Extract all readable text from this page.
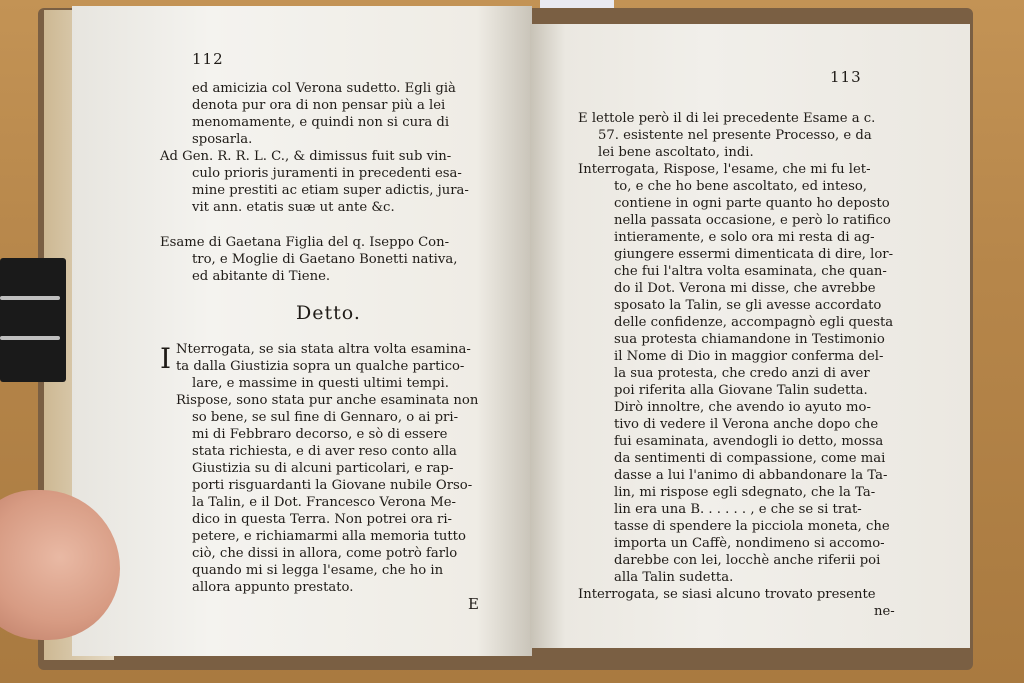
112
ed amicizia col Verona sudetto. Egli già
denota pur ora di non pensar più a lei
menomamente, e quindi non si cura di
sposarla.
Ad Gen. R. R. L. C., & dimissus fuit sub vin-
culo prioris juramenti in precedenti esa-
mine prestiti ac etiam super adictis, jura-
vit ann. etatis suæ ut ante &c.
Esame di Gaetana Figlia del q. Iseppo Con-
tro, e Moglie di Gaetano Bonetti nativa,
ed abitante di Tiene.
Detto.
I Nterrogata, se sia stata altra volta esamina-
ta dalla Giustizia sopra un qualche partico-
lare, e massime in questi ultimi tempi.
Rispose, sono stata pur anche esaminata non
so bene, se sul fine di Gennaro, o ai pri-
mi di Febbraro decorso, e sò di essere
stata richiesta, e di aver reso conto alla
Giustizia su di alcuni particolari, e rap-
porti risguardanti la Giovane nubile Orso-
la Talin, e il Dot. Francesco Verona Me-
dico in questa Terra. Non potrei ora ri-
petere, e richiamarmi alla memoria tutto
ciò, che dissi in allora, come potrò farlo
quando mi si legga l'esame, che ho in
allora appunto prestato.
E
113
E lettole però il di lei precedente Esame a c.
57. esistente nel presente Processo, e da
lei bene ascoltato, indi.
Interrogata, Rispose, l'esame, che mi fu let-
to, e che ho bene ascoltato, ed inteso,
contiene in ogni parte quanto ho deposto
nella passata occasione, e però lo ratifico
intieramente, e solo ora mi resta di ag-
giungere essermi dimenticata di dire, lor-
che fui l'altra volta esaminata, che quan-
do il Dot. Verona mi disse, che avrebbe
sposato la Talin, se gli avesse accordato
delle confidenze, accompagnò egli questa
sua protesta chiamandone in Testimonio
il Nome di Dio in maggior conferma del-
la sua protesta, che credo anzi di aver
poi riferita alla Giovane Talin sudetta.
Dirò innoltre, che avendo io ayuto mo-
tivo di vedere il Verona anche dopo che
fui esaminata, avendogli io detto, mossa
da sentimenti di compassione, come mai
dasse a lui l'animo di abbandonare la Ta-
lin, mi rispose egli sdegnato, che la Ta-
lin era una B. . . . . . , e che se si trat-
tasse di spendere la picciola moneta, che
importa un Caffè, nondimeno si accomo-
darebbe con lei, locchè anche riferii poi
alla Talin sudetta.
Interrogata, se siasi alcuno trovato presente
ne-
